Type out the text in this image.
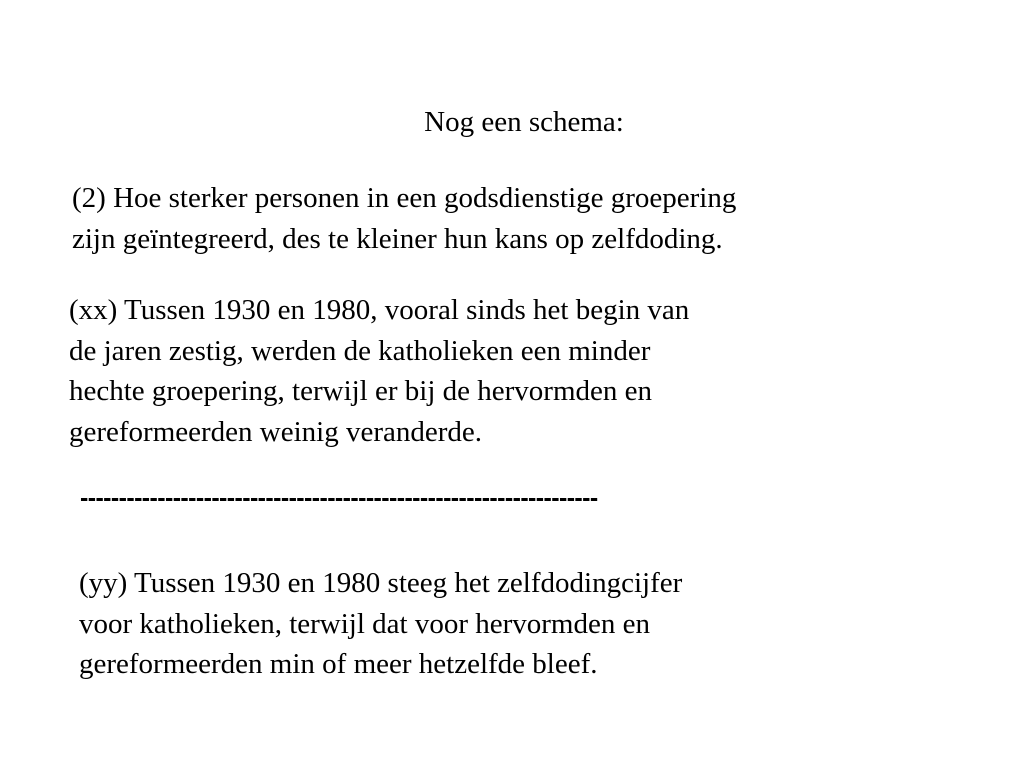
Nog een schema:
(2) Hoe sterker personen in een godsdienstige groepering
zijn geïntegreerd, des te kleiner hun kans op zelfdoding.
(xx) Tussen 1930 en 1980, vooral sinds het begin van
de jaren zestig, werden de katholieken een minder
hechte groepering, terwijl er bij de hervormden en
gereformeerden weinig veranderde.
-------------------------------------------------------------------
(yy) Tussen 1930 en 1980 steeg het zelfdodingcijfer
voor katholieken, terwijl dat voor hervormden en
gereformeerden min of meer hetzelfde bleef.
